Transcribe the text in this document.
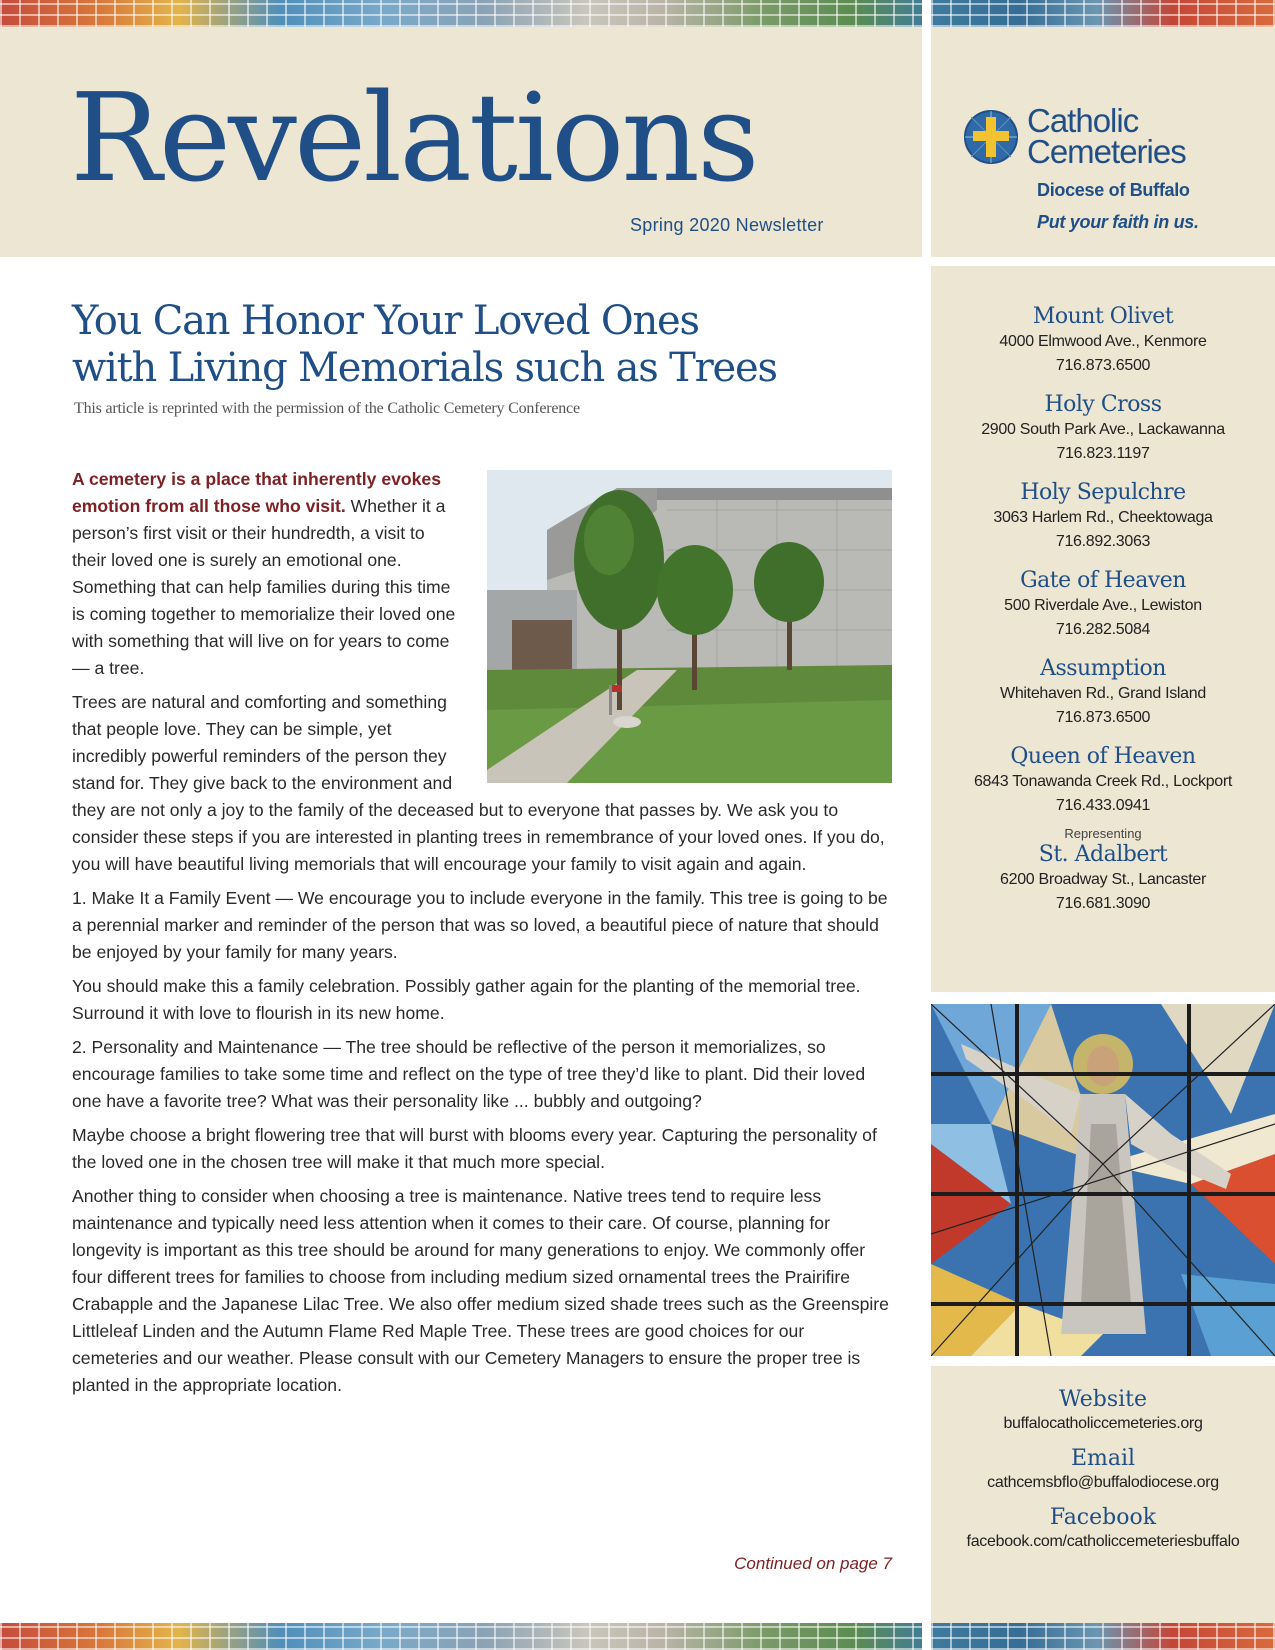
Revelations
Spring 2020 Newsletter
Catholic
Cemeteries
Diocese of Buffalo
Put your faith in us.
You Can Honor Your Loved Ones
with Living Memorials such as Trees
This article is reprinted with the permission of the Catholic Cemetery Conference

A cemetery is a place that inherently evokes emotion from all those who visit. Whether it a person’s first visit or their hundredth, a visit to their loved one is surely an emotional one. Something that can help families during this time is coming together to memorialize their loved one with something that will live on for years to come — a tree.

Trees are natural and comforting and something that people love. They can be simple, yet incredibly powerful reminders of the person they stand for. They give back to the environment and they are not only a joy to the family of the deceased but to everyone that passes by. We ask you to consider these steps if you are interested in planting trees in remembrance of your loved ones. If you do, you will have beautiful living memorials that will encourage your family to visit again and again.

1. Make It a Family Event — We encourage you to include everyone in the family. This tree is going to be a perennial marker and reminder of the person that was so loved, a beautiful piece of nature that should be enjoyed by your family for many years.

You should make this a family celebration. Possibly gather again for the planting of the memorial tree. Surround it with love to flourish in its new home.

2. Personality and Maintenance — The tree should be reflective of the person it memorializes, so encourage families to take some time and reflect on the type of tree they’d like to plant. Did their loved one have a favorite tree? What was their personality like ... bubbly and outgoing?

Maybe choose a bright flowering tree that will burst with blooms every year. Capturing the personality of the loved one in the chosen tree will make it that much more special.

Another thing to consider when choosing a tree is maintenance. Native trees tend to require less maintenance and typically need less attention when it comes to their care. Of course, planning for longevity is important as this tree should be around for many generations to enjoy. We commonly offer four different trees for families to choose from including medium sized ornamental trees the Prairifire Crabapple and the Japanese Lilac Tree. We also offer medium sized shade trees such as the Greenspire Littleleaf Linden and the Autumn Flame Red Maple Tree. These trees are good choices for our cemeteries and our weather. Please consult with our Cemetery Managers to ensure the proper tree is planted in the appropriate location.

Continued on page 7
Mount Olivet
4000 Elmwood Ave., Kenmore
716.873.6500
Holy Cross
2900 South Park Ave., Lackawanna
716.823.1197
Holy Sepulchre
3063 Harlem Rd., Cheektowaga
716.892.3063
Gate of Heaven
500 Riverdale Ave., Lewiston
716.282.5084
Assumption
Whitehaven Rd., Grand Island
716.873.6500
Queen of Heaven
6843 Tonawanda Creek Rd., Lockport
716.433.0941
Representing
St. Adalbert
6200 Broadway St., Lancaster
716.681.3090
Website
buffalocatholiccemeteries.org
Email
cathcemsbflo@buffalodiocese.org
Facebook
facebook.com/catholiccemeteriesbuffalo
